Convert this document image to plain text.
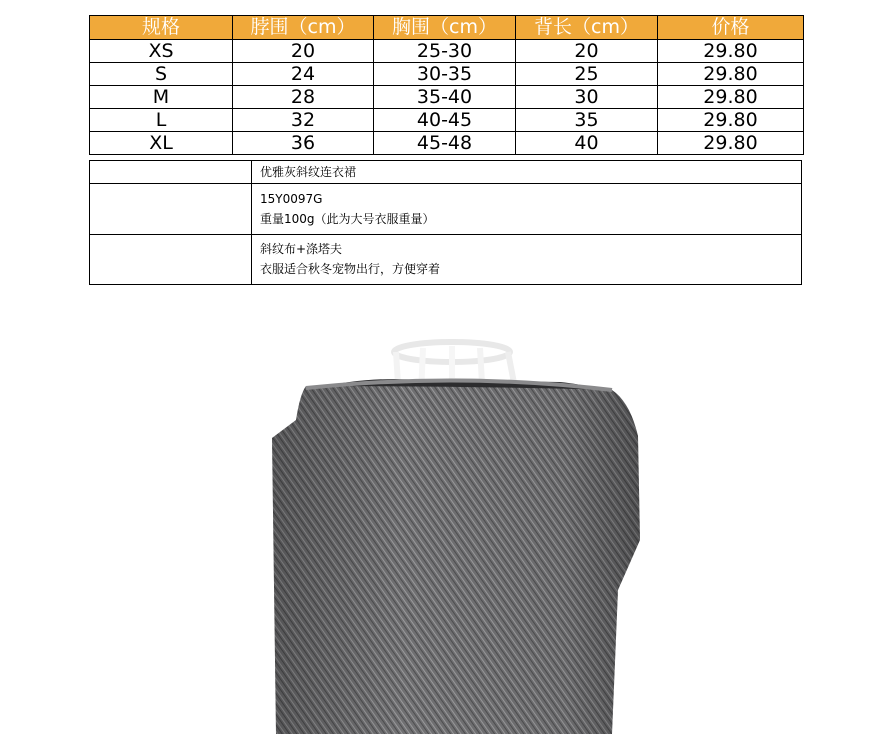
规格	脖围（cm）	胸围（cm）	背长（cm）	价格
XS	20	25-30	20	29.80
S	24	30-35	25	29.80
M	28	35-40	30	29.80
L	32	40-45	35	29.80
XL	36	45-48	40	29.80
	优雅灰斜纹连衣裙

	15Y0097G
重量100g（此为大号衣服重量）

	斜纹布+涤塔夫
衣服适合秋冬宠物出行，方便穿着
